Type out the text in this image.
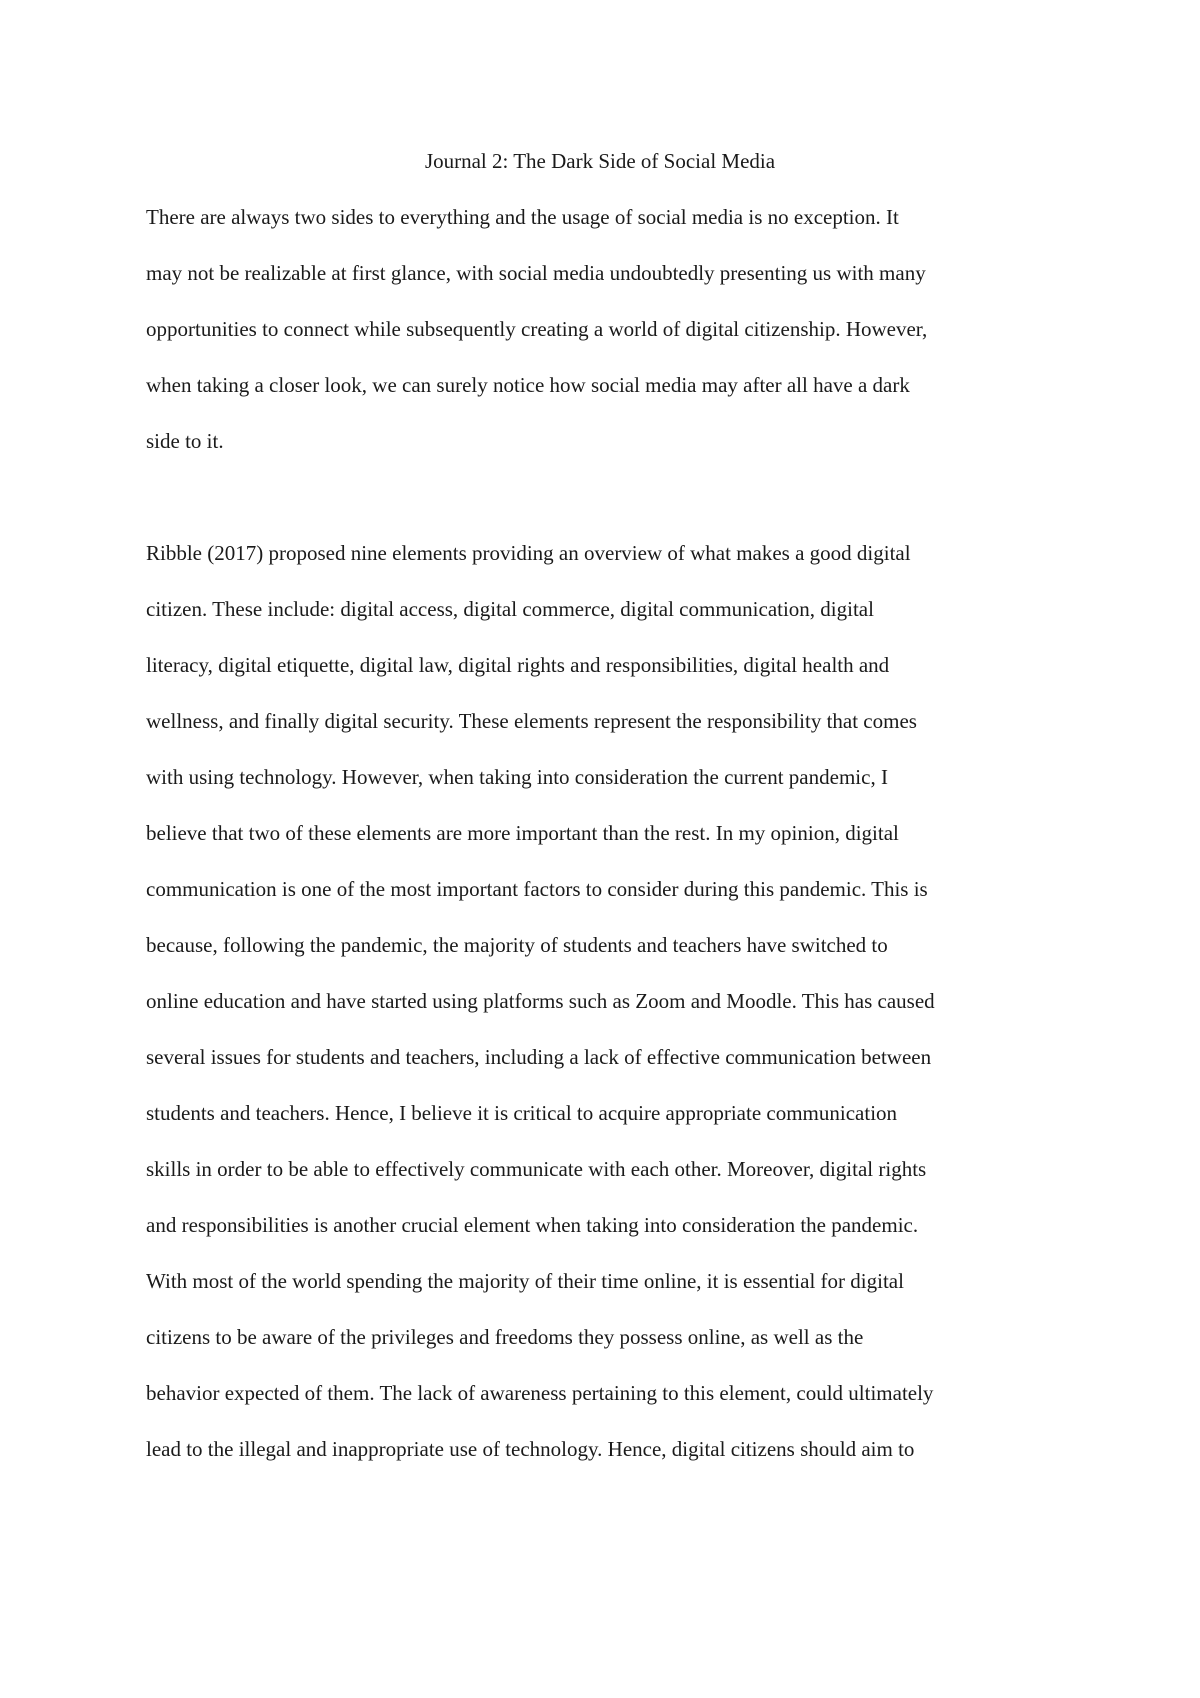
Journal 2: The Dark Side of Social Media
There are always two sides to everything and the usage of social media is no exception. It
may not be realizable at first glance, with social media undoubtedly presenting us with many
opportunities to connect while subsequently creating a world of digital citizenship. However,
when taking a closer look, we can surely notice how social media may after all have a dark
side to it.
Ribble (2017) proposed nine elements providing an overview of what makes a good digital
citizen. These include: digital access, digital commerce, digital communication, digital
literacy, digital etiquette, digital law, digital rights and responsibilities, digital health and
wellness, and finally digital security. These elements represent the responsibility that comes
with using technology. However, when taking into consideration the current pandemic, I
believe that two of these elements are more important than the rest. In my opinion, digital
communication is one of the most important factors to consider during this pandemic. This is
because, following the pandemic, the majority of students and teachers have switched to
online education and have started using platforms such as Zoom and Moodle. This has caused
several issues for students and teachers, including a lack of effective communication between
students and teachers. Hence, I believe it is critical to acquire appropriate communication
skills in order to be able to effectively communicate with each other. Moreover, digital rights
and responsibilities is another crucial element when taking into consideration the pandemic.
With most of the world spending the majority of their time online, it is essential for digital
citizens to be aware of the privileges and freedoms they possess online, as well as the
behavior expected of them. The lack of awareness pertaining to this element, could ultimately
lead to the illegal and inappropriate use of technology. Hence, digital citizens should aim to
